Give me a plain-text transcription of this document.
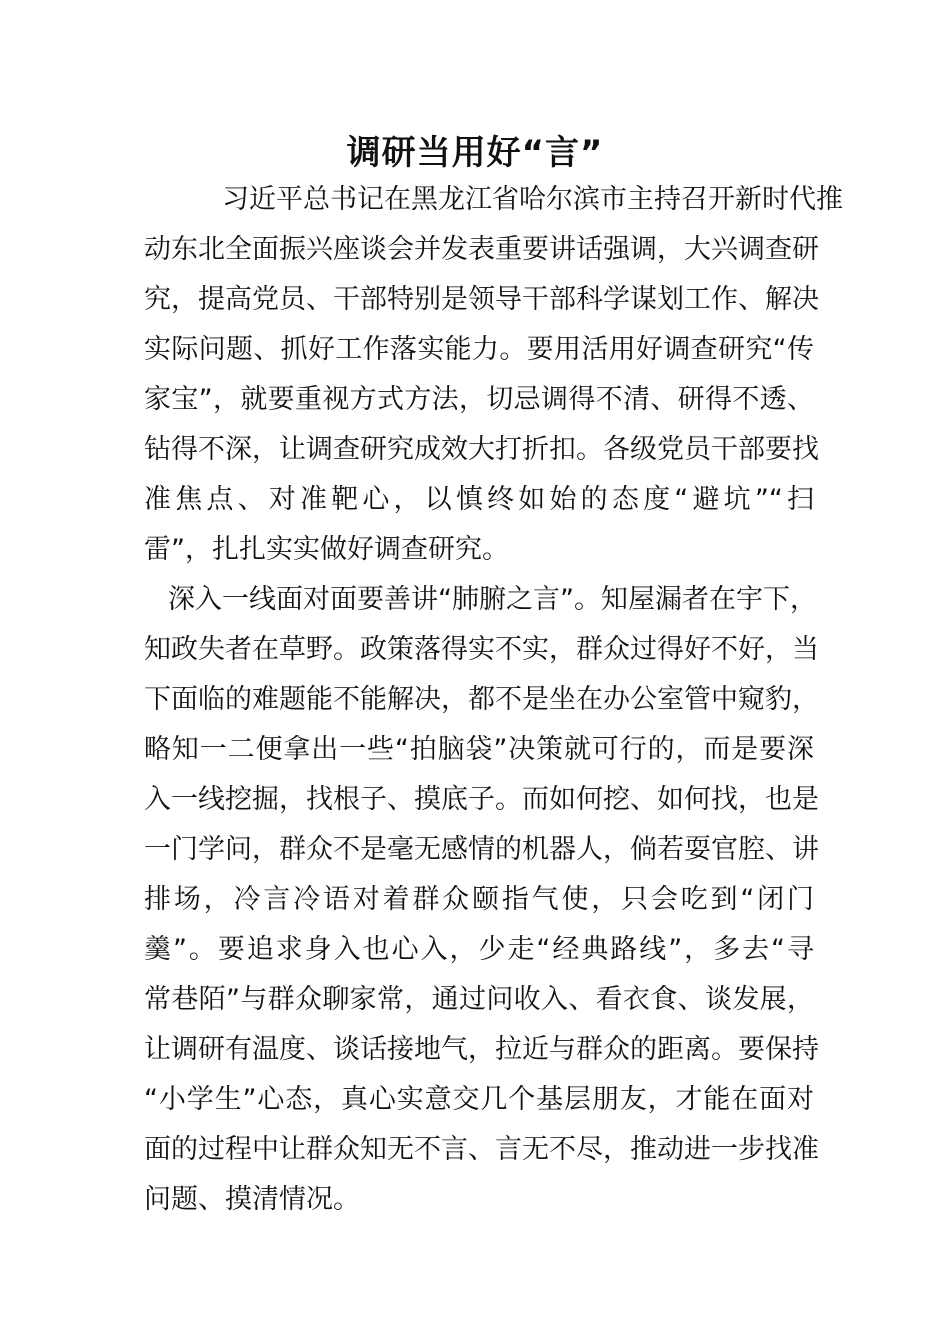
调研当用好“言”
习近平总书记在黑龙江省哈尔滨市主持召开新时代推
动东北全面振兴座谈会并发表重要讲话强调，大兴调查研
究，提高党员、干部特别是领导干部科学谋划工作、解决
实际问题、抓好工作落实能力。要用活用好调查研究“传
家宝”，就要重视方式方法，切忌调得不清、研得不透、
钻得不深，让调查研究成效大打折扣。各级党员干部要找
准焦点、对准靶心，以慎终如始的态度“避坑”“扫
雷”，扎扎实实做好调查研究。
深入一线面对面要善讲“肺腑之言”。知屋漏者在宇下，
知政失者在草野。政策落得实不实，群众过得好不好，当
下面临的难题能不能解决，都不是坐在办公室管中窥豹，
略知一二便拿出一些“拍脑袋”决策就可行的，而是要深
入一线挖掘，找根子、摸底子。而如何挖、如何找，也是
一门学问，群众不是毫无感情的机器人，倘若耍官腔、讲
排场，冷言冷语对着群众颐指气使，只会吃到“闭门
羹”。要追求身入也心入，少走“经典路线”，多去“寻
常巷陌”与群众聊家常，通过问收入、看衣食、谈发展，
让调研有温度、谈话接地气，拉近与群众的距离。要保持
“小学生”心态，真心实意交几个基层朋友，才能在面对
面的过程中让群众知无不言、言无不尽，推动进一步找准
问题、摸清情况。
